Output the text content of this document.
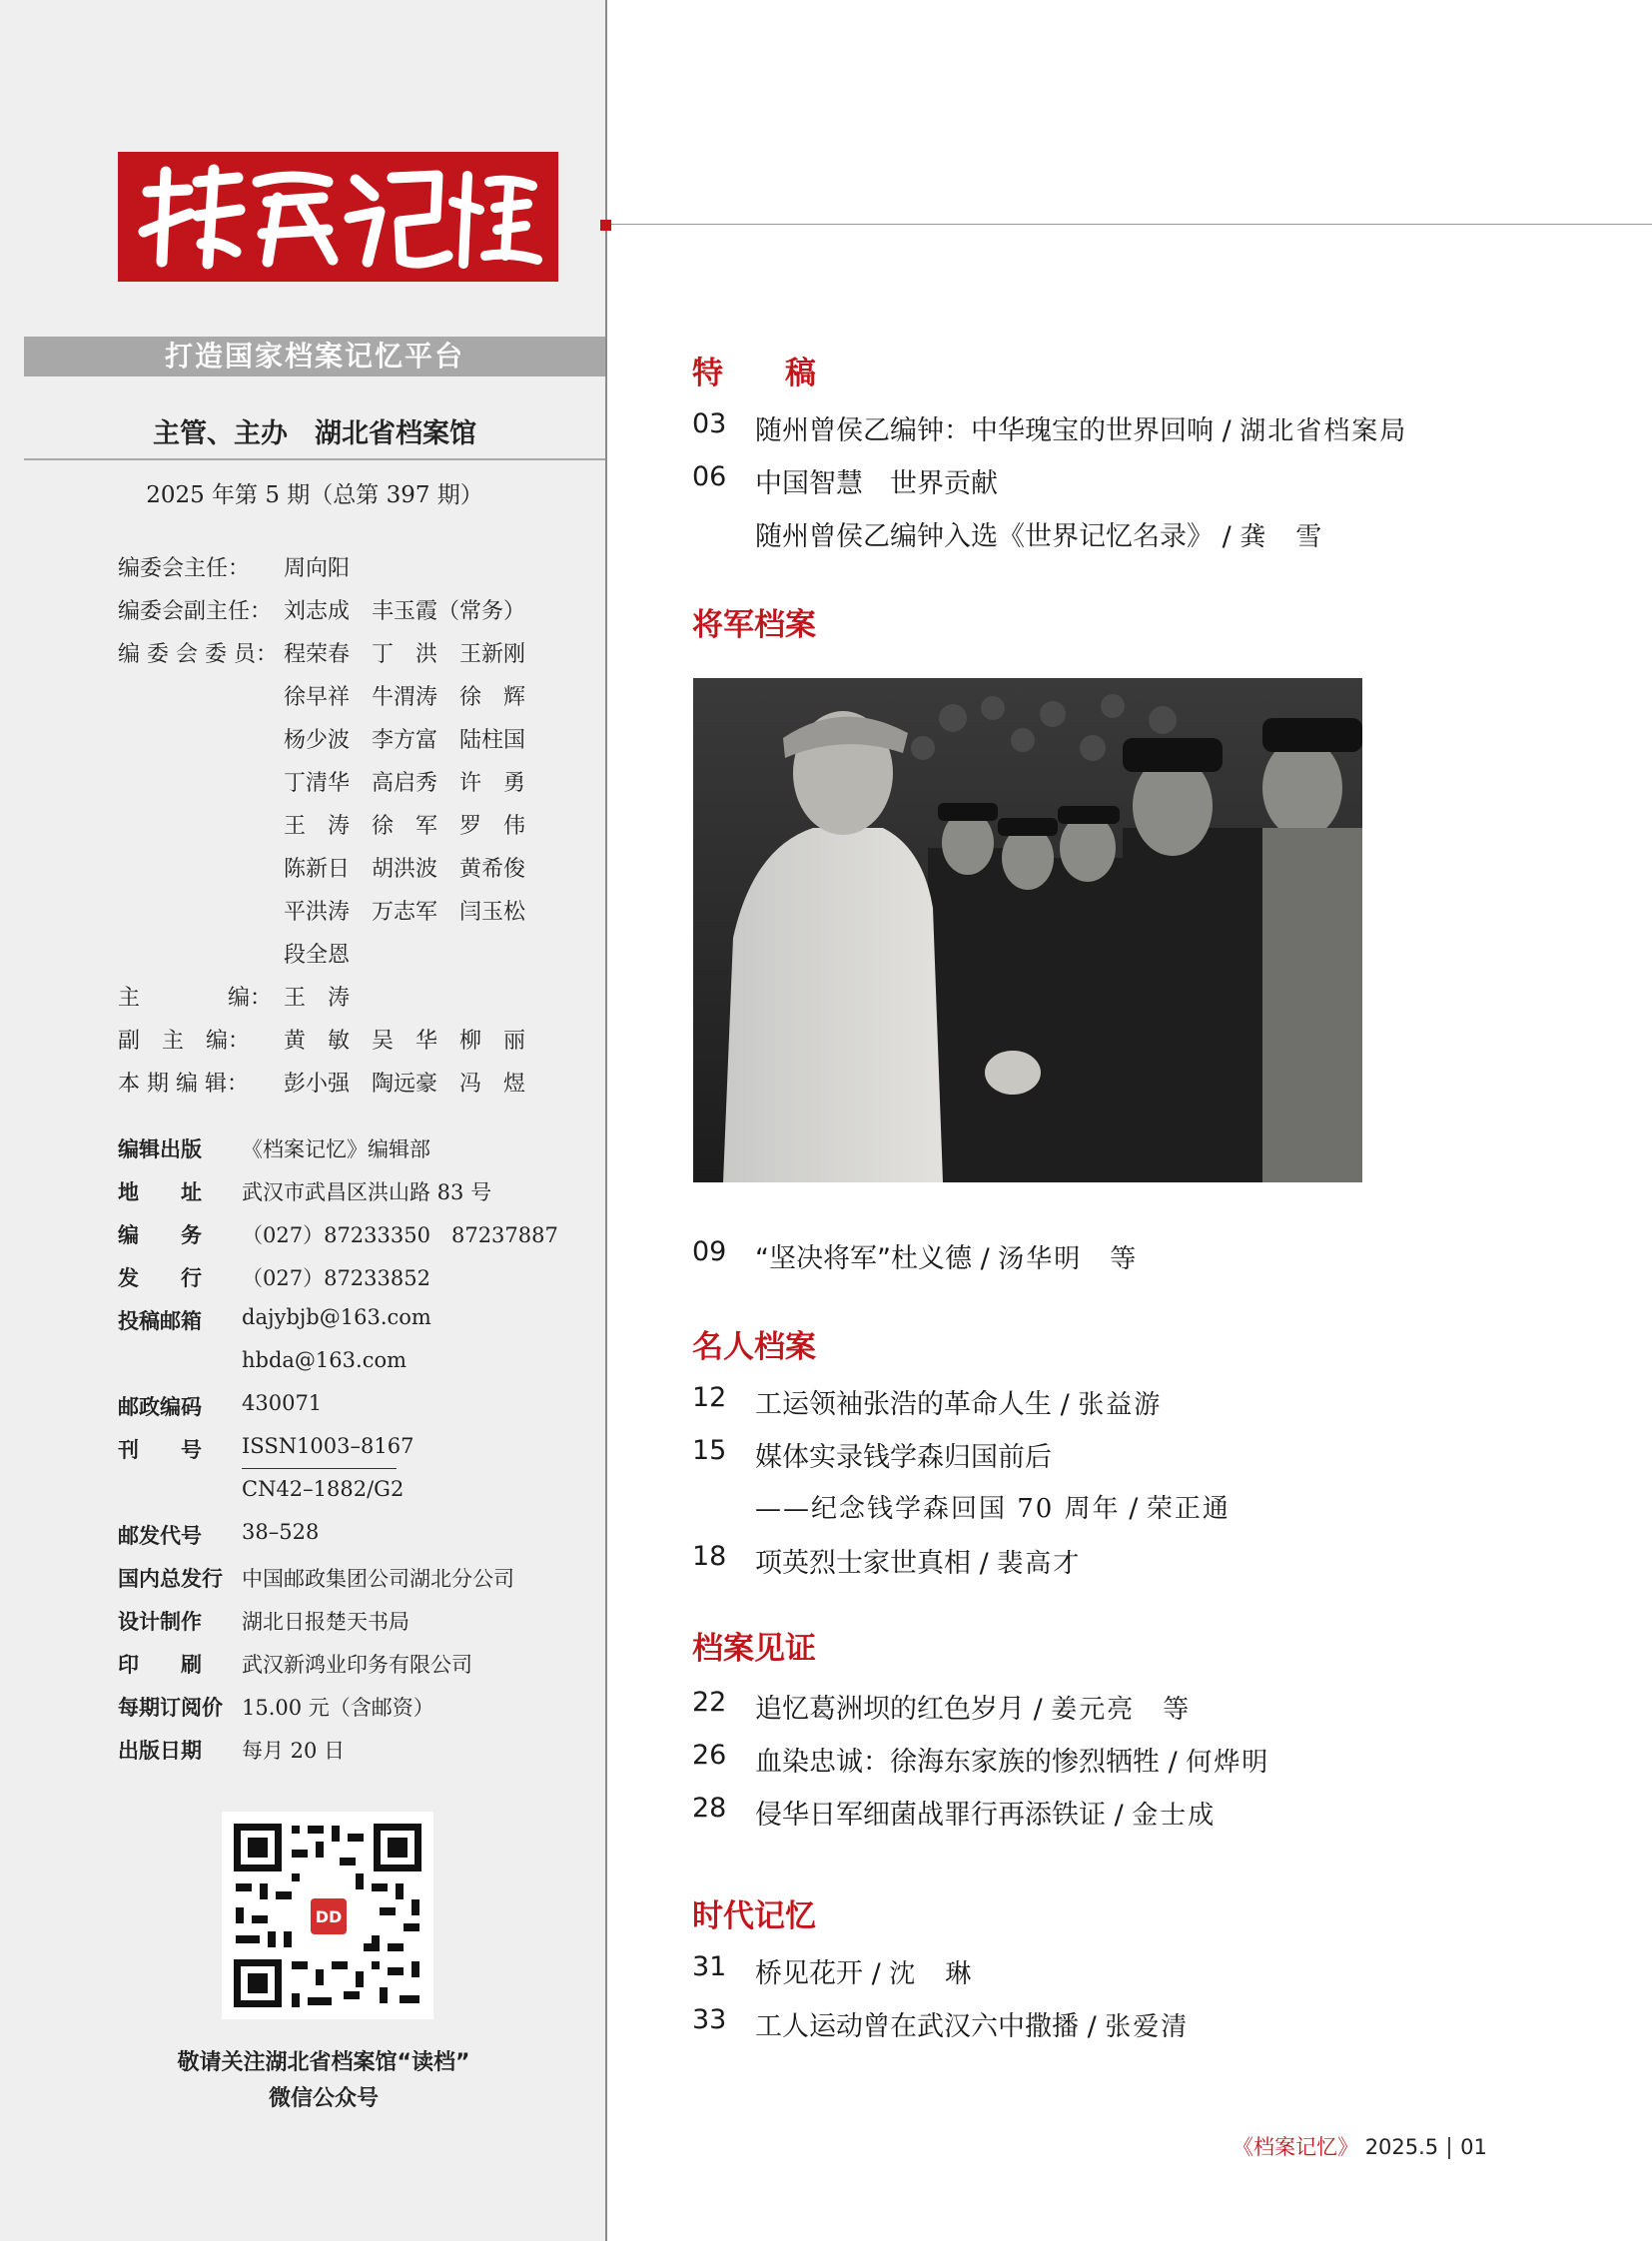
打造国家档案记忆平台
主管、主办　湖北省档案馆
2025 年第 5 期（总第 397 期）
编委会主任： 周向阳
编委会副主任： 刘志成　丰玉霞（常务）
编 委 会 委 员： 程荣春　丁　洪　王新刚
徐早祥　牛渭涛　徐　辉
杨少波　李方富　陆柱国
丁清华　高启秀　许　勇
王　涛　徐　军　罗　伟
陈新日　胡洪波　黄希俊
平洪涛　万志军　闫玉松
段全恩
主　　　　编： 王　涛
副　主　编： 黄　敏　吴　华　柳　丽
本 期 编 辑： 彭小强　陶远豪　冯　煜
编辑出版 《档案记忆》编辑部
地　　址 武汉市武昌区洪山路 83 号
编　　务 （027）87233350　87237887
发　　行 （027）87233852
投稿邮箱 dajybjb@163.com
hbda@163.com
邮政编码 430071
刊　　号 ISSN1003–8167
CN42–1882/G2
邮发代号 38–528
国内总发行 中国邮政集团公司湖北分公司
设计制作 湖北日报楚天书局
印　　刷 武汉新鸿业印务有限公司
每期订阅价 15.00 元（含邮资）
出版日期 每月 20 日
DD
敬请关注湖北省档案馆“读档”
微信公众号
特　　稿
03 随州曾侯乙编钟：中华瑰宝的世界回响 / 湖北省档案局
06 中国智慧　世界贡献
随州曾侯乙编钟入选《世界记忆名录》 / 龚　雪
将军档案
09 “坚决将军”杜义德 / 汤华明　等
名人档案
12 工运领袖张浩的革命人生 / 张益游
15 媒体实录钱学森归国前后
——纪念钱学森回国 70 周年 / 荣正通
18 项英烈士家世真相 / 裴高才
档案见证
22 追忆葛洲坝的红色岁月 / 姜元亮　等
26 血染忠诚：徐海东家族的惨烈牺牲 / 何烨明
28 侵华日军细菌战罪行再添铁证 / 金士成
时代记忆
31 桥见花开 / 沈　琳
33 工人运动曾在武汉六中撒播 / 张爱清
《档案记忆》 2025.5 01
